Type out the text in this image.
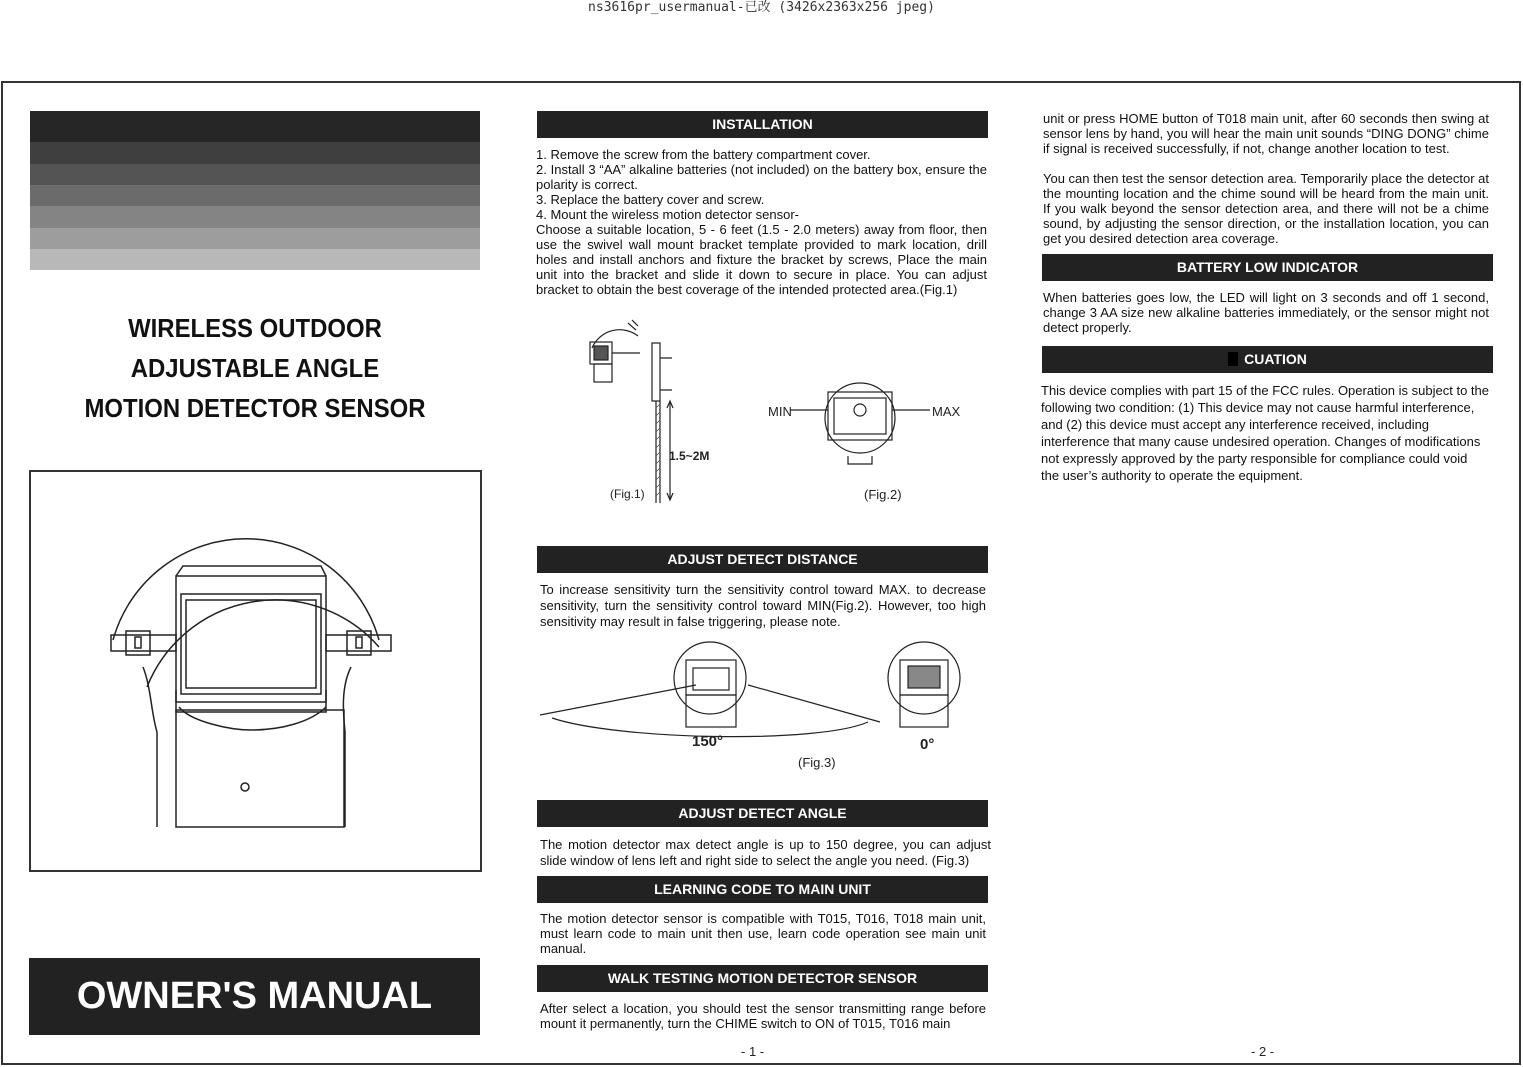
ns3616pr_usermanual-已改 (3426x2363x256 jpeg)
WIRELESS OUTDOOR
ADJUSTABLE ANGLE
MOTION DETECTOR SENSOR
OWNER'S MANUAL
INSTALLATION

1. Remove the screw from the battery compartment cover.

2. Install 3 “AA” alkaline batteries (not included) on the battery box, ensure the polarity is correct.

3. Replace the battery cover and screw.

4. Mount the wireless motion detector sensor-

Choose a suitable location, 5 - 6 feet (1.5 - 2.0 meters) away from floor, then use the swivel wall mount bracket template provided to mark location, drill holes and install anchors and fixture the bracket by screws, Place the main unit into the bracket and slide it down to secure in place. You can adjust bracket to obtain the best coverage of the intended protected area.(Fig.1)

1.5~2M
(Fig.1)
MIN	MAX
(Fig.2)
ADJUST DETECT DISTANCE
To increase sensitivity turn the sensitivity control toward MAX. to decrease sensitivity, turn the sensitivity control toward MIN(Fig.2). However, too high sensitivity may result in false triggering, please note.
150°	0°
(Fig.3)
ADJUST DETECT ANGLE
The motion detector max detect angle is up to 150 degree, you can adjust slide window of lens left and right side to select the angle you need. (Fig.3)
LEARNING CODE TO MAIN UNIT
The motion detector sensor is compatible with T015, T016, T018 main unit, must learn code to main unit then use, learn code operation see main unit manual.
WALK TESTING MOTION DETECTOR SENSOR
After select a location, you should test the sensor transmitting range before mount it permanently, turn the CHIME switch to ON of T015, T016 main
- 1 -
unit or press HOME button of T018 main unit, after 60 seconds then swing at sensor lens by hand, you will hear the main unit sounds “DING DONG” chime if signal is received successfully, if not, change another location to test.
You can then test the sensor detection area. Temporarily place the detector at the mounting location and the chime sound will be heard from the main unit. If you walk beyond the sensor detection area, and there will not be a chime sound, by adjusting the sensor direction, or the installation location, you can get you desired detection area coverage.
BATTERY LOW INDICATOR
When batteries goes low, the LED will light on 3 seconds and off 1 second, change 3 AA size new alkaline batteries immediately, or the sensor might not detect properly.
CUATION
This device complies with part 15 of the FCC rules. Operation is subject to the following two condition: (1) This device may not cause harmful interference, and (2) this device must accept any interference received, including interference that many cause undesired operation. Changes of modifications not expressly approved by the party responsible for compliance could void the user’s authority to operate the equipment.
- 2 -
